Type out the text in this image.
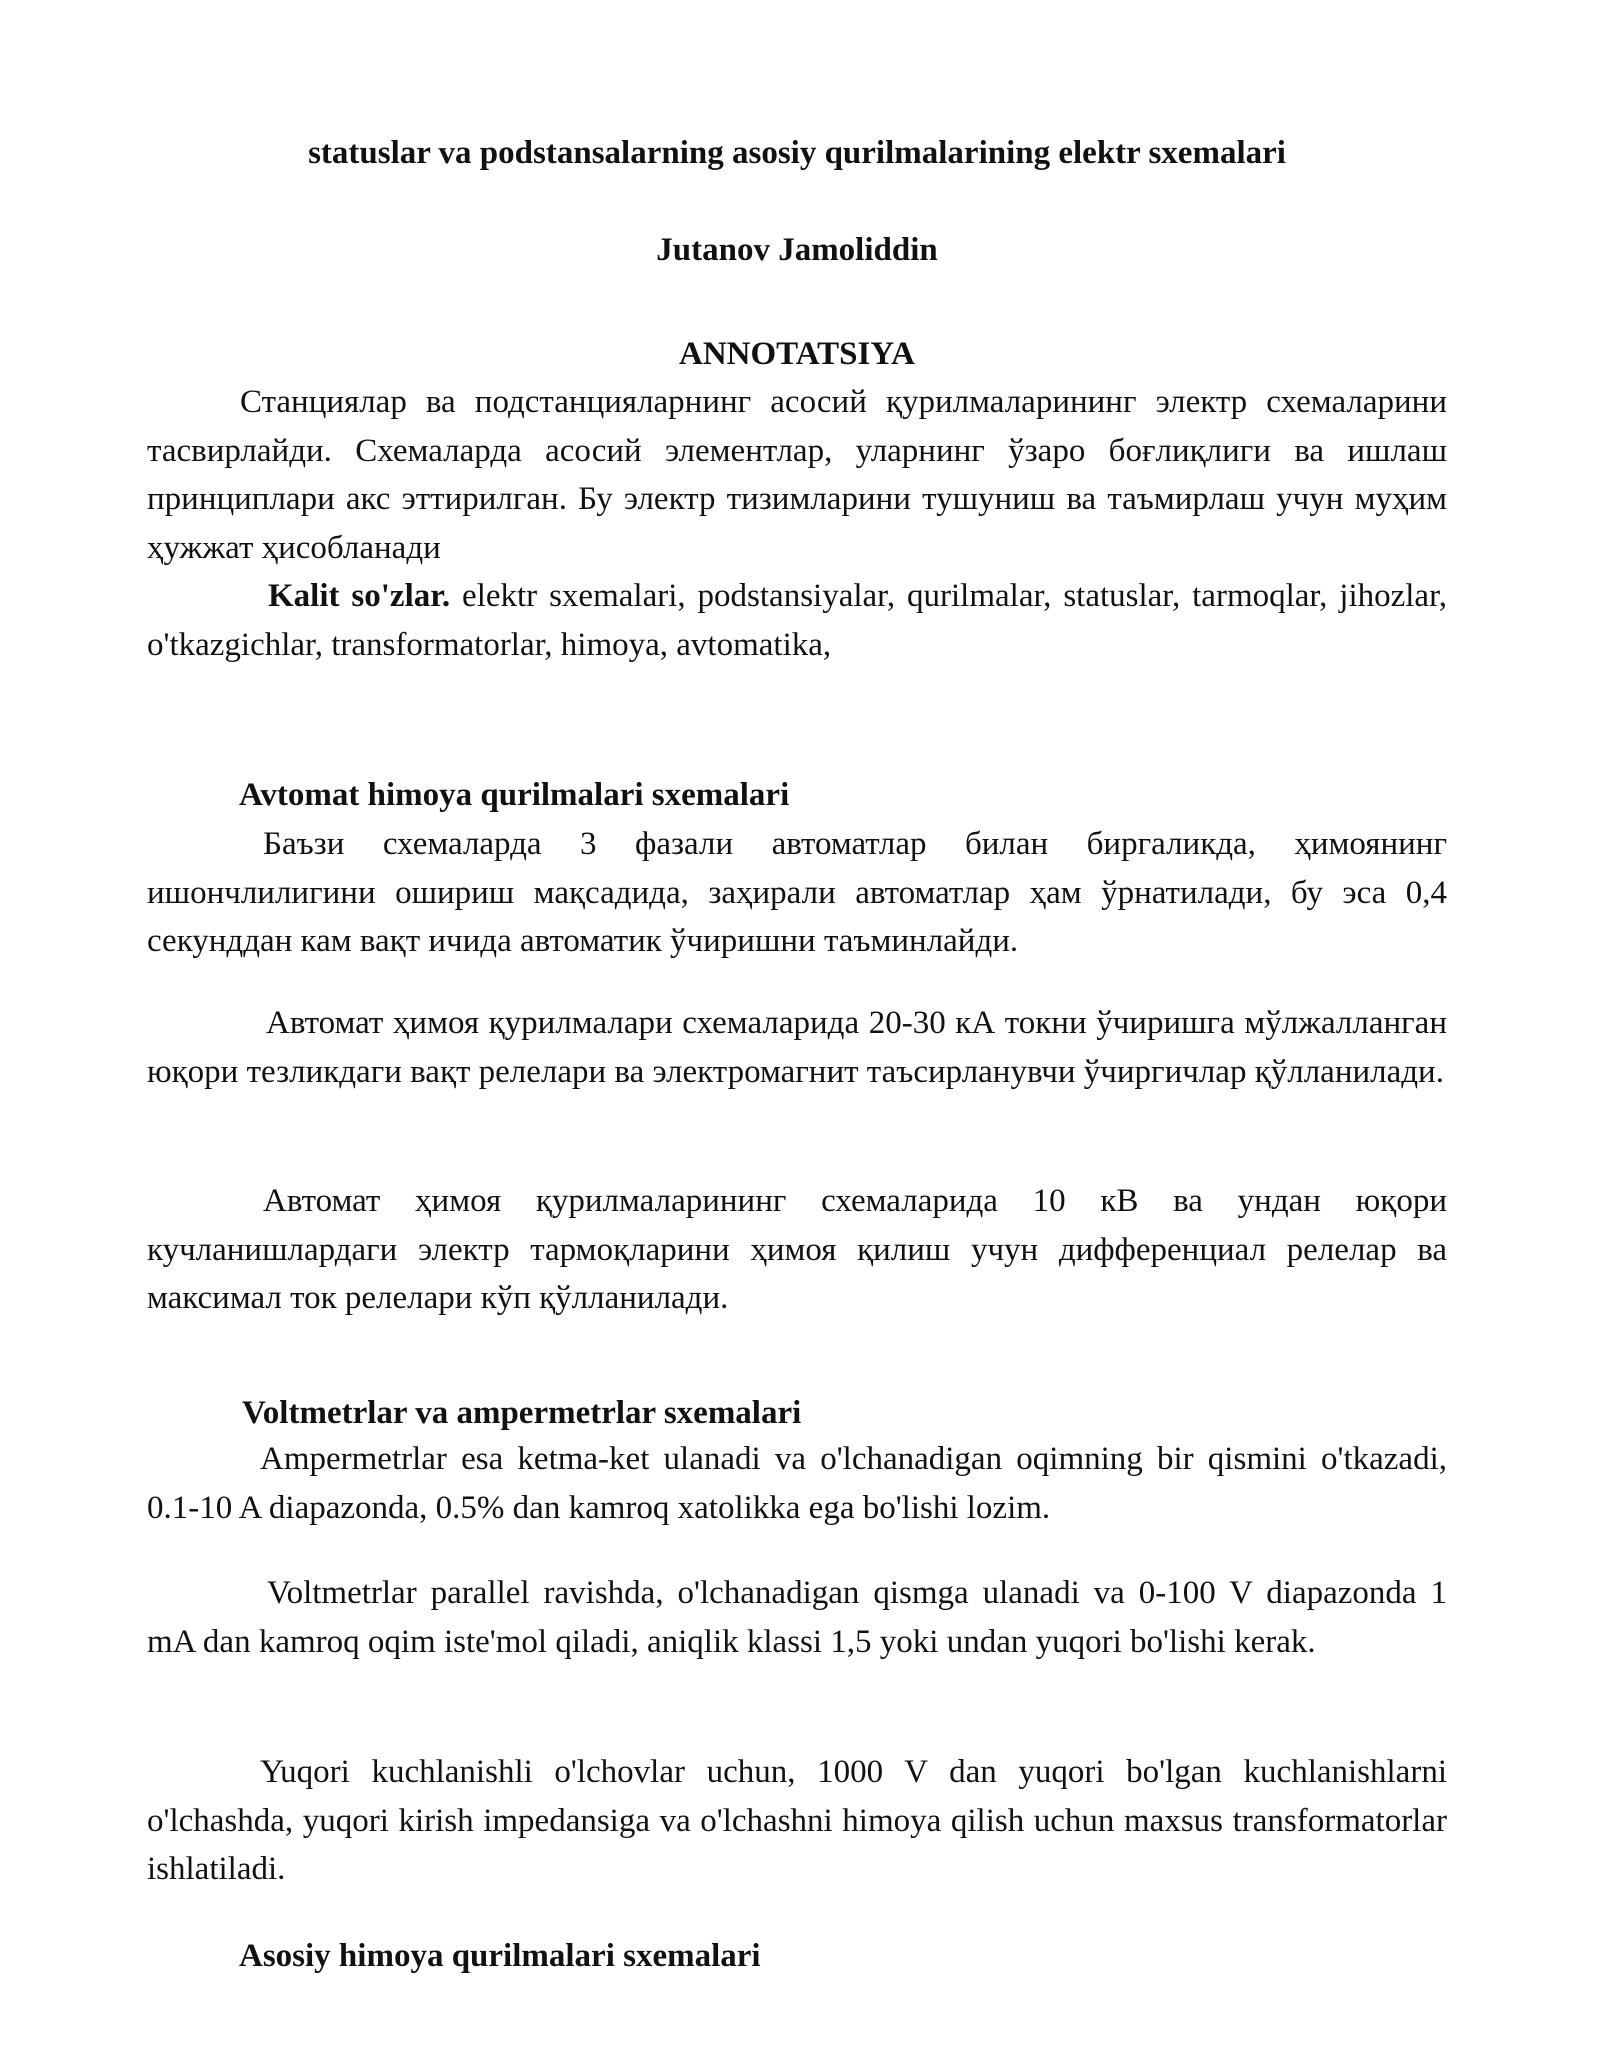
statuslar va podstansalarning asosiy qurilmalarining elektr sxemalari

Jutanov Jamoliddin

ANNOTATSIYA

Станциялар ва подстанцияларнинг асосий қурилмаларининг электр схемаларини тасвирлайди. Схемаларда асосий элементлар, уларнинг ўзаро боғлиқлиги ва ишлаш принциплари акс эттирилган. Бу электр тизимларини тушуниш ва таъмирлаш учун муҳим ҳужжат ҳисобланади

Kalit so'zlar. elektr sxemalari, podstansiyalar, qurilmalar, statuslar, tarmoqlar, jihozlar, o'tkazgichlar, transformatorlar, himoya, avtomatika,

Avtomat himoya qurilmalari sxemalari

Баъзи схемаларда 3 фазали автоматлар билан биргаликда, ҳимоянинг ишончлилигини ошириш мақсадида, заҳирали автоматлар ҳам ўрнатилади, бу эса 0,4 секунддан кам вақт ичида автоматик ўчиришни таъминлайди.

Автомат ҳимоя қурилмалари схемаларида 20-30 кА токни ўчиришга мўлжалланган юқори тезликдаги вақт релелари ва электромагнит таъсирланувчи ўчиргичлар қўлланилади.

Автомат ҳимоя қурилмаларининг схемаларида 10 кВ ва ундан юқори кучланишлардаги электр тармоқларини ҳимоя қилиш учун дифференциал релелар ва максимал ток релелари кўп қўлланилади.

Voltmetrlar va ampermetrlar sxemalari

Ampermetrlar esa ketma-ket ulanadi va o'lchanadigan oqimning bir qismini o'tkazadi, 0.1-10 A diapazonda, 0.5% dan kamroq xatolikka ega bo'lishi lozim.

Voltmetrlar parallel ravishda, o'lchanadigan qismga ulanadi va 0-100 V diapazonda 1 mA dan kamroq oqim iste'mol qiladi, aniqlik klassi 1,5 yoki undan yuqori bo'lishi kerak.

Yuqori kuchlanishli o'lchovlar uchun, 1000 V dan yuqori bo'lgan kuchlanishlarni o'lchashda, yuqori kirish impedansiga va o'lchashni himoya qilish uchun maxsus transformatorlar ishlatiladi.

Asosiy himoya qurilmalari sxemalari
